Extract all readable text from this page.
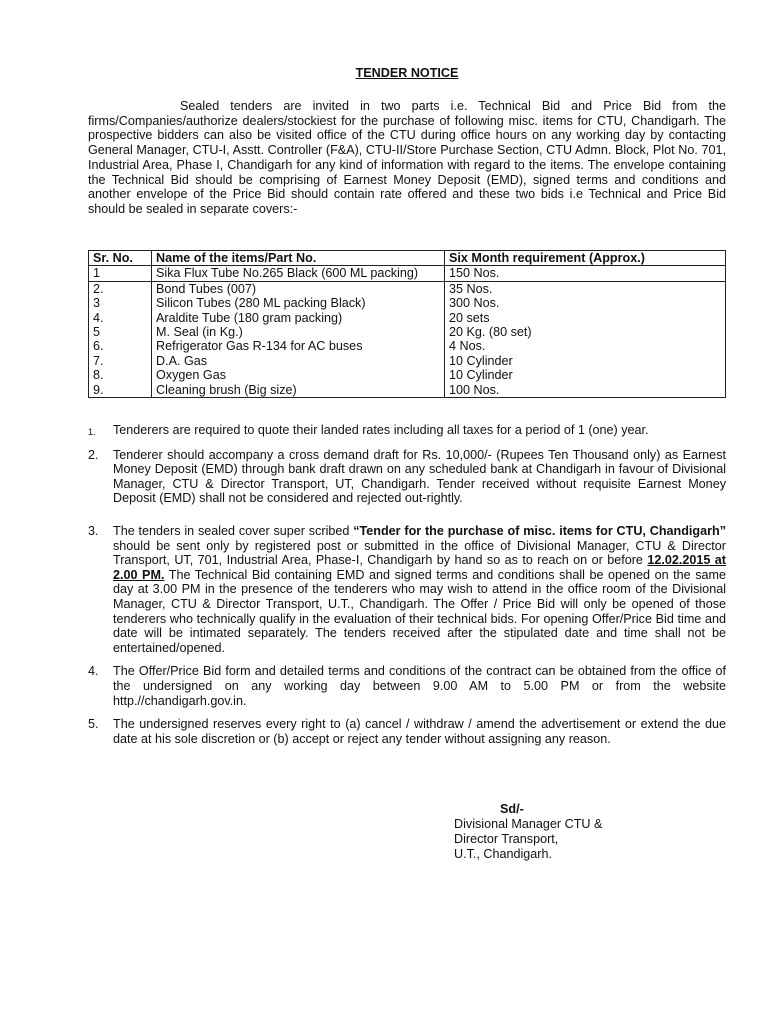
TENDER NOTICE

Sealed tenders are invited in two parts i.e. Technical Bid and Price Bid from the firms/Companies/authorize dealers/stockiest for the purchase of following misc. items for CTU, Chandigarh. The prospective bidders can also be visited office of the CTU during office hours on any working day by contacting General Manager, CTU-I, Asstt. Controller (F&A), CTU-II/Store Purchase Section, CTU Admn. Block, Plot No. 701, Industrial Area, Phase I, Chandigarh for any kind of information with regard to the items. The envelope containing the Technical Bid should be comprising of Earnest Money Deposit (EMD), signed terms and conditions and another envelope of the Price Bid should contain rate offered and these two bids i.e Technical and Price Bid should be sealed in separate covers:-

Sr. No.	Name of the items/Part No.	Six Month requirement (Approx.)
1	Sika Flux Tube No.265 Black (600 ML packing)	150 Nos.
2.	Bond Tubes (007)	35 Nos.
3	Silicon Tubes (280 ML packing Black)	300 Nos.
4.	Araldite Tube (180 gram packing)	20 sets
5	M. Seal (in Kg.)	20 Kg. (80 set)
6.	Refrigerator Gas R-134 for AC buses	4 Nos.
7.	D.A. Gas	10 Cylinder
8.	Oxygen Gas	10 Cylinder
9.	Cleaning brush (Big size)	100 Nos.

1. Tenderers are required to quote their landed rates including all taxes for a period of 1 (one) year.

2. Tenderer should accompany a cross demand draft for Rs. 10,000/- (Rupees Ten Thousand only) as Earnest Money Deposit (EMD) through bank draft drawn on any scheduled bank at Chandigarh in favour of Divisional Manager, CTU & Director Transport, UT, Chandigarh. Tender received without requisite Earnest Money Deposit (EMD) shall not be considered and rejected out-rightly.

3. The tenders in sealed cover super scribed “Tender for the purchase of misc. items for CTU, Chandigarh” should be sent only by registered post or submitted in the office of Divisional Manager, CTU & Director Transport, UT, 701, Industrial Area, Phase-I, Chandigarh by hand so as to reach on or before 12.02.2015 at 2.00 PM. The Technical Bid containing EMD and signed terms and conditions shall be opened on the same day at 3.00 PM in the presence of the tenderers who may wish to attend in the office room of the Divisional Manager, CTU & Director Transport, U.T., Chandigarh. The Offer / Price Bid will only be opened of those tenderers who technically qualify in the evaluation of their technical bids. For opening Offer/Price Bid time and date will be intimated separately. The tenders received after the stipulated date and time shall not be entertained/opened.

4. The Offer/Price Bid form and detailed terms and conditions of the contract can be obtained from the office of the undersigned on any working day between 9.00 AM to 5.00 PM or from the website http.//chandigarh.gov.in.

5. The undersigned reserves every right to (a) cancel / withdraw / amend the advertisement or extend the due date at his sole discretion or (b) accept or reject any tender without assigning any reason.

Sd/-
Divisional Manager CTU &
Director Transport,
U.T., Chandigarh.
